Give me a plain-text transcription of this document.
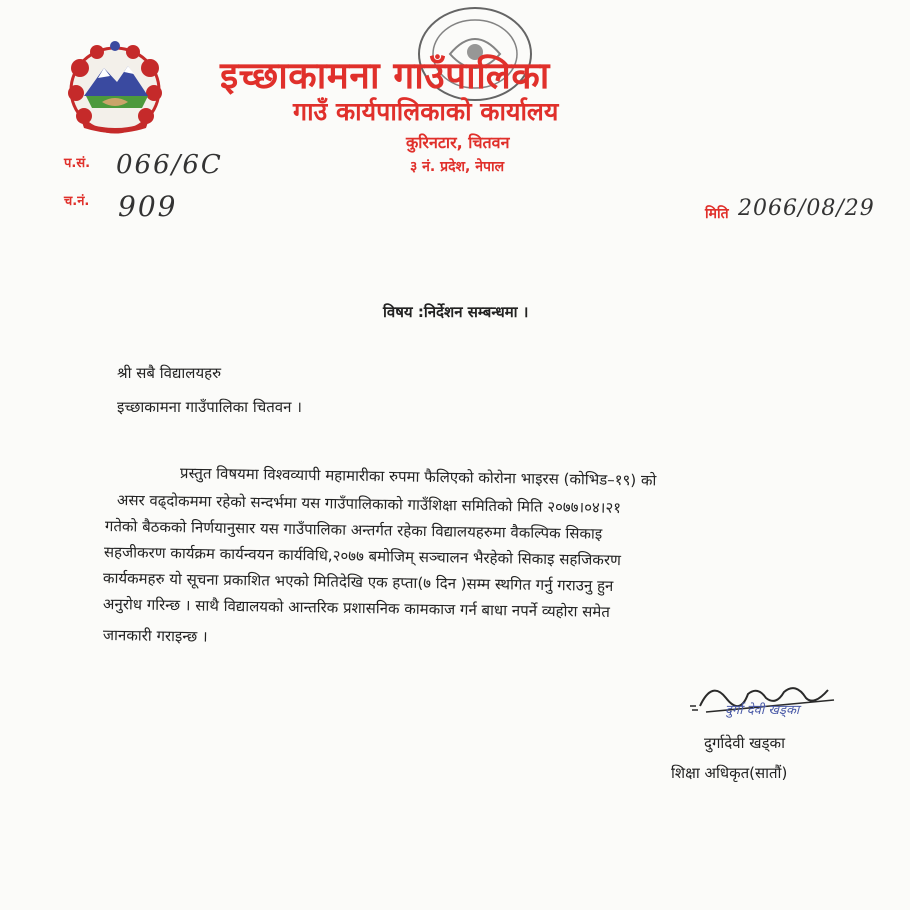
इच्छाकामना गाउँपालिका
गाउँ कार्यपालिकाको कार्यालय
कुरिनटार, चितवन
३ नं. प्रदेश, नेपाल
प.सं. 066/6C
च.नं. 909	मिति 2066/08/29
विषय :निर्देशन सम्बन्धमा ।
श्री सबै विद्यालयहरु
इच्छाकामना गाउँपालिका चितवन ।
प्रस्तुत विषयमा विश्वव्यापी महामारीका रुपमा फैलिएको कोरोना भाइरस (कोभिड–१९) को
असर वढ्दोकममा रहेको सन्दर्भमा यस गाउँपालिकाको गाउँशिक्षा समितिको मिति २०७७।०४।२१
गतेको बैठकको निर्णयानुसार यस गाउँपालिका अन्तर्गत रहेका विद्यालयहरुमा वैकल्पिक सिकाइ
सहजीकरण कार्यक्रम कार्यन्वयन कार्यविधि,२०७७ बमोजिम् सञ्चालन भैरहेको सिकाइ सहजिकरण
कार्यकमहरु यो सूचना प्रकाशित भएको मितिदेखि एक हप्ता(७ दिन )सम्म स्थगित गर्नु गराउनु हुन
अनुरोध गरिन्छ । साथै विद्यालयको आन्तरिक प्रशासनिक कामकाज गर्न बाधा नपर्ने व्यहोरा समेत
जानकारी गराइन्छ ।
दुर्गा देवी खड्का
दुर्गादेवी खड्का
शिक्षा अधिकृत(सातौं)
